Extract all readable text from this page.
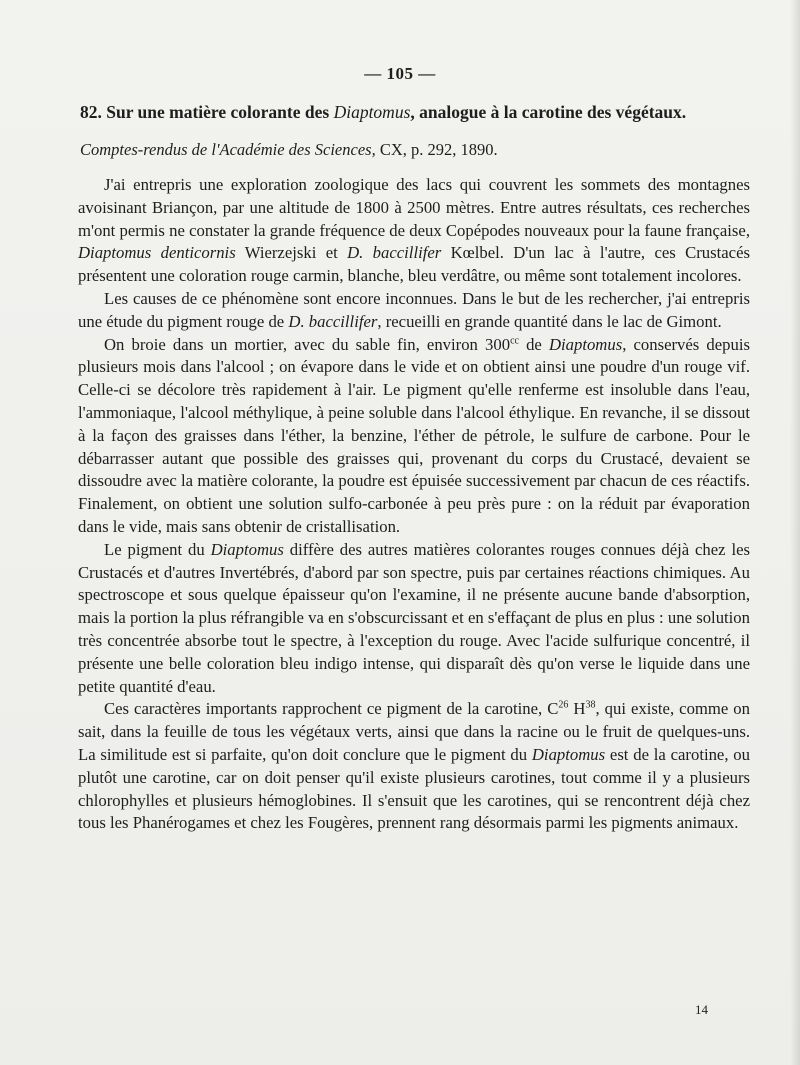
— 105 —
82. Sur une matière colorante des Diaptomus, analogue à la carotine des végétaux.
Comptes-rendus de l'Académie des Sciences, CX, p. 292, 1890.

J'ai entrepris une exploration zoologique des lacs qui couvrent les sommets des montagnes avoisinant Briançon, par une altitude de 1800 à 2500 mètres. Entre autres résultats, ces recherches m'ont permis ne constater la grande fréquence de deux Copépodes nouveaux pour la faune française, Diaptomus denticornis Wierzejski et D. baccillifer Kœlbel. D'un lac à l'autre, ces Crustacés présentent une coloration rouge carmin, blanche, bleu verdâtre, ou même sont totalement incolores.

Les causes de ce phénomène sont encore inconnues. Dans le but de les rechercher, j'ai entrepris une étude du pigment rouge de D. baccillifer, recueilli en grande quantité dans le lac de Gimont.

On broie dans un mortier, avec du sable fin, environ $300^{cc}$ de Diaptomus, conservés depuis plusieurs mois dans l'alcool ; on évapore dans le vide et on obtient ainsi une poudre d'un rouge vif. Celle-ci se décolore très rapidement à l'air. Le pigment qu'elle renferme est insoluble dans l'eau, l'ammoniaque, l'alcool méthylique, à peine soluble dans l'alcool éthylique. En revanche, il se dissout à la façon des graisses dans l'éther, la benzine, l'éther de pétrole, le sulfure de carbone. Pour le débarrasser autant que possible des graisses qui, provenant du corps du Crustacé, devaient se dissoudre avec la matière colorante, la poudre est épuisée successivement par chacun de ces réactifs. Finalement, on obtient une solution sulfo-carbonée à peu près pure : on la réduit par évaporation dans le vide, mais sans obtenir de cristallisation.

Le pigment du Diaptomus diffère des autres matières colorantes rouges connues déjà chez les Crustacés et d'autres Invertébrés, d'abord par son spectre, puis par certaines réactions chimiques. Au spectroscope et sous quelque épaisseur qu'on l'examine, il ne présente aucune bande d'absorption, mais la portion la plus réfrangible va en s'obscurcissant et en s'effaçant de plus en plus : une solution très concentrée absorbe tout le spectre, à l'exception du rouge. Avec l'acide sulfurique concentré, il présente une belle coloration bleu indigo intense, qui disparaît dès qu'on verse le liquide dans une petite quantité d'eau.

Ces caractères importants rapprochent ce pigment de la carotine, $C^{26}$ $H^{38}$, qui existe, comme on sait, dans la feuille de tous les végétaux verts, ainsi que dans la racine ou le fruit de quelques-uns. La similitude est si parfaite, qu'on doit conclure que le pigment du Diaptomus est de la carotine, ou plutôt une carotine, car on doit penser qu'il existe plusieurs carotines, tout comme il y a plusieurs chlorophylles et plusieurs hémoglobines. Il s'ensuit que les carotines, qui se rencontrent déjà chez tous les Phanérogames et chez les Fougères, prennent rang désormais parmi les pigments animaux.

14
